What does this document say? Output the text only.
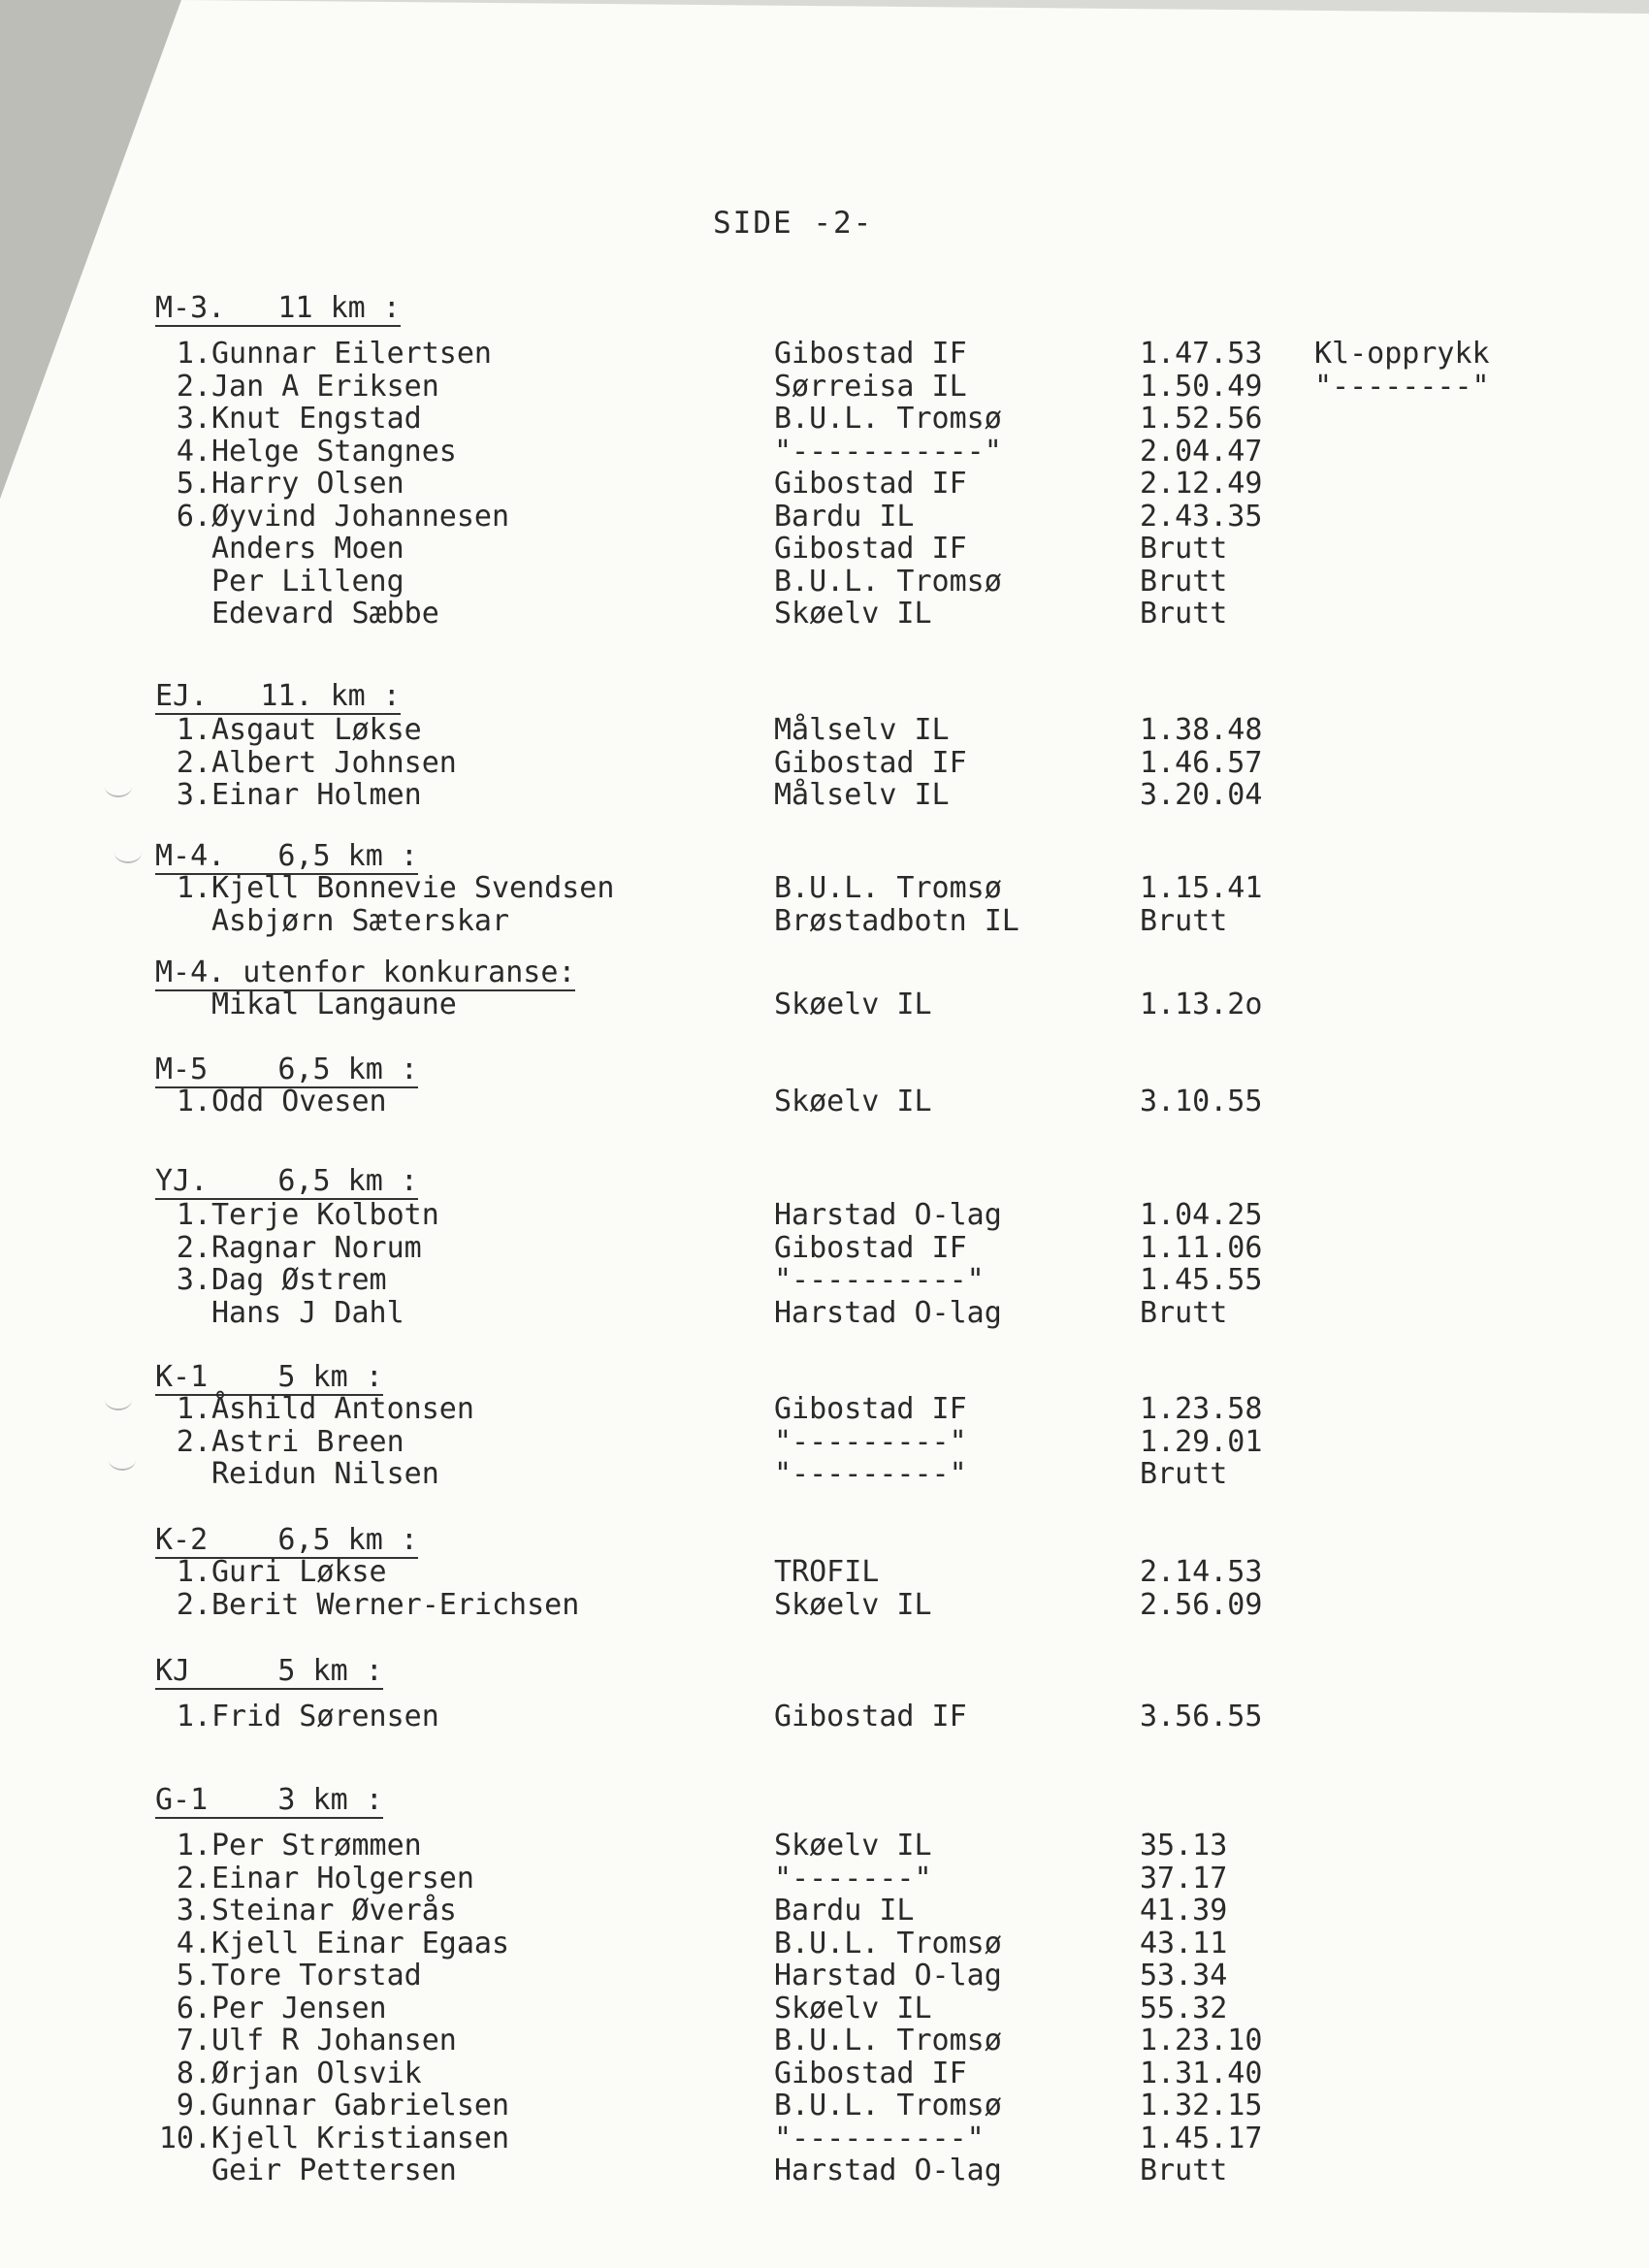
SIDE -2-
M-3.   11 km :
1. Gunnar Eilertsen	Gibostad IF	1.47.53 Kl-opprykk
2. Jan A Eriksen	Sørreisa IL	1.50.49 "--------"
3. Knut Engstad	B.U.L. Tromsø	1.52.56
4. Helge Stangnes	"-----------"	2.04.47
5. Harry Olsen	Gibostad IF	2.12.49
6. Øyvind Johannesen	Bardu IL	2.43.35
Anders Moen	Gibostad IF	Brutt
Per Lilleng	B.U.L. Tromsø	Brutt
Edevard Sæbbe	Skøelv IL	Brutt
EJ.   11. km :
1. Asgaut Løkse	Målselv IL	1.38.48
2. Albert Johnsen	Gibostad IF	1.46.57
3. Einar Holmen	Målselv IL	3.20.04
M-4.   6,5 km :
1. Kjell Bonnevie Svendsen	B.U.L. Tromsø	1.15.41
Asbjørn Sæterskar	Brøstadbotn IL	Brutt
M-4. utenfor konkuranse:
Mikal Langaune	Skøelv IL	1.13.2o
M-5    6,5 km :
1. Odd Ovesen	Skøelv IL	3.10.55
YJ.    6,5 km :
1. Terje Kolbotn	Harstad O-lag	1.04.25
2. Ragnar Norum	Gibostad IF	1.11.06
3. Dag Østrem	"----------"	1.45.55
Hans J Dahl	Harstad O-lag	Brutt
K-1    5 km :
1. Åshild Antonsen	Gibostad IF	1.23.58
2. Astri Breen	"---------"	1.29.01
Reidun Nilsen	"---------"	Brutt
K-2    6,5 km :
1. Guri Løkse	TROFIL	2.14.53
2. Berit Werner-Erichsen	Skøelv IL	2.56.09
KJ     5 km :
1. Frid Sørensen	Gibostad IF	3.56.55
G-1    3 km :
1. Per Strømmen	Skøelv IL	35.13
2. Einar Holgersen	"-------"	37.17
3. Steinar Øverås	Bardu IL	41.39
4. Kjell Einar Egaas	B.U.L. Tromsø	43.11
5. Tore Torstad	Harstad O-lag	53.34
6. Per Jensen	Skøelv IL	55.32
7. Ulf R Johansen	B.U.L. Tromsø	1.23.10
8. Ørjan Olsvik	Gibostad IF	1.31.40
9. Gunnar Gabrielsen	B.U.L. Tromsø	1.32.15
10. Kjell Kristiansen	"----------"	1.45.17
Geir Pettersen	Harstad O-lag	Brutt
